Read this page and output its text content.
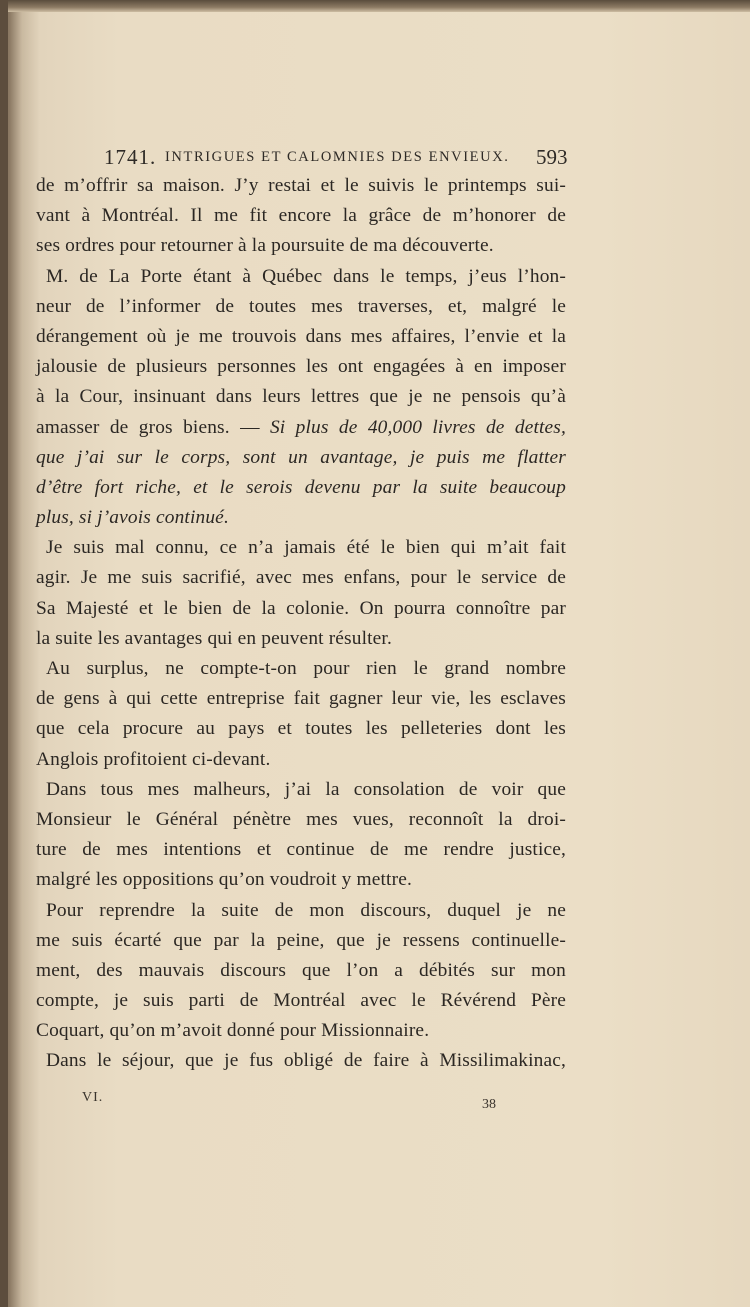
1741. INTRIGUES ET CALOMNIES DES ENVIEUX. 593
de m’offrir sa maison. J’y restai et le suivis le printemps sui-
vant à Montréal. Il me fit encore la grâce de m’honorer de
ses ordres pour retourner à la poursuite de ma découverte.
M. de La Porte étant à Québec dans le temps, j’eus l’hon-
neur de l’informer de toutes mes traverses, et, malgré le
dérangement où je me trouvois dans mes affaires, l’envie et la
jalousie de plusieurs personnes les ont engagées à en imposer
à la Cour, insinuant dans leurs lettres que je ne pensois qu’à
amasser de gros biens. — Si plus de 40,000 livres de dettes,
que j’ai sur le corps, sont un avantage, je puis me flatter
d’être fort riche, et le serois devenu par la suite beaucoup
plus, si j’avois continué.
Je suis mal connu, ce n’a jamais été le bien qui m’ait fait
agir. Je me suis sacrifié, avec mes enfans, pour le service de
Sa Majesté et le bien de la colonie. On pourra connoître par
la suite les avantages qui en peuvent résulter.
Au surplus, ne compte-t-on pour rien le grand nombre
de gens à qui cette entreprise fait gagner leur vie, les esclaves
que cela procure au pays et toutes les pelleteries dont les
Anglois profitoient ci-devant.
Dans tous mes malheurs, j’ai la consolation de voir que
Monsieur le Général pénètre mes vues, reconnoît la droi-
ture de mes intentions et continue de me rendre justice,
malgré les oppositions qu’on voudroit y mettre.
Pour reprendre la suite de mon discours, duquel je ne
me suis écarté que par la peine, que je ressens continuelle-
ment, des mauvais discours que l’on a débités sur mon
compte, je suis parti de Montréal avec le Révérend Père
Coquart, qu’on m’avoit donné pour Missionnaire.
Dans le séjour, que je fus obligé de faire à Missilimakinac,
VI.	38
